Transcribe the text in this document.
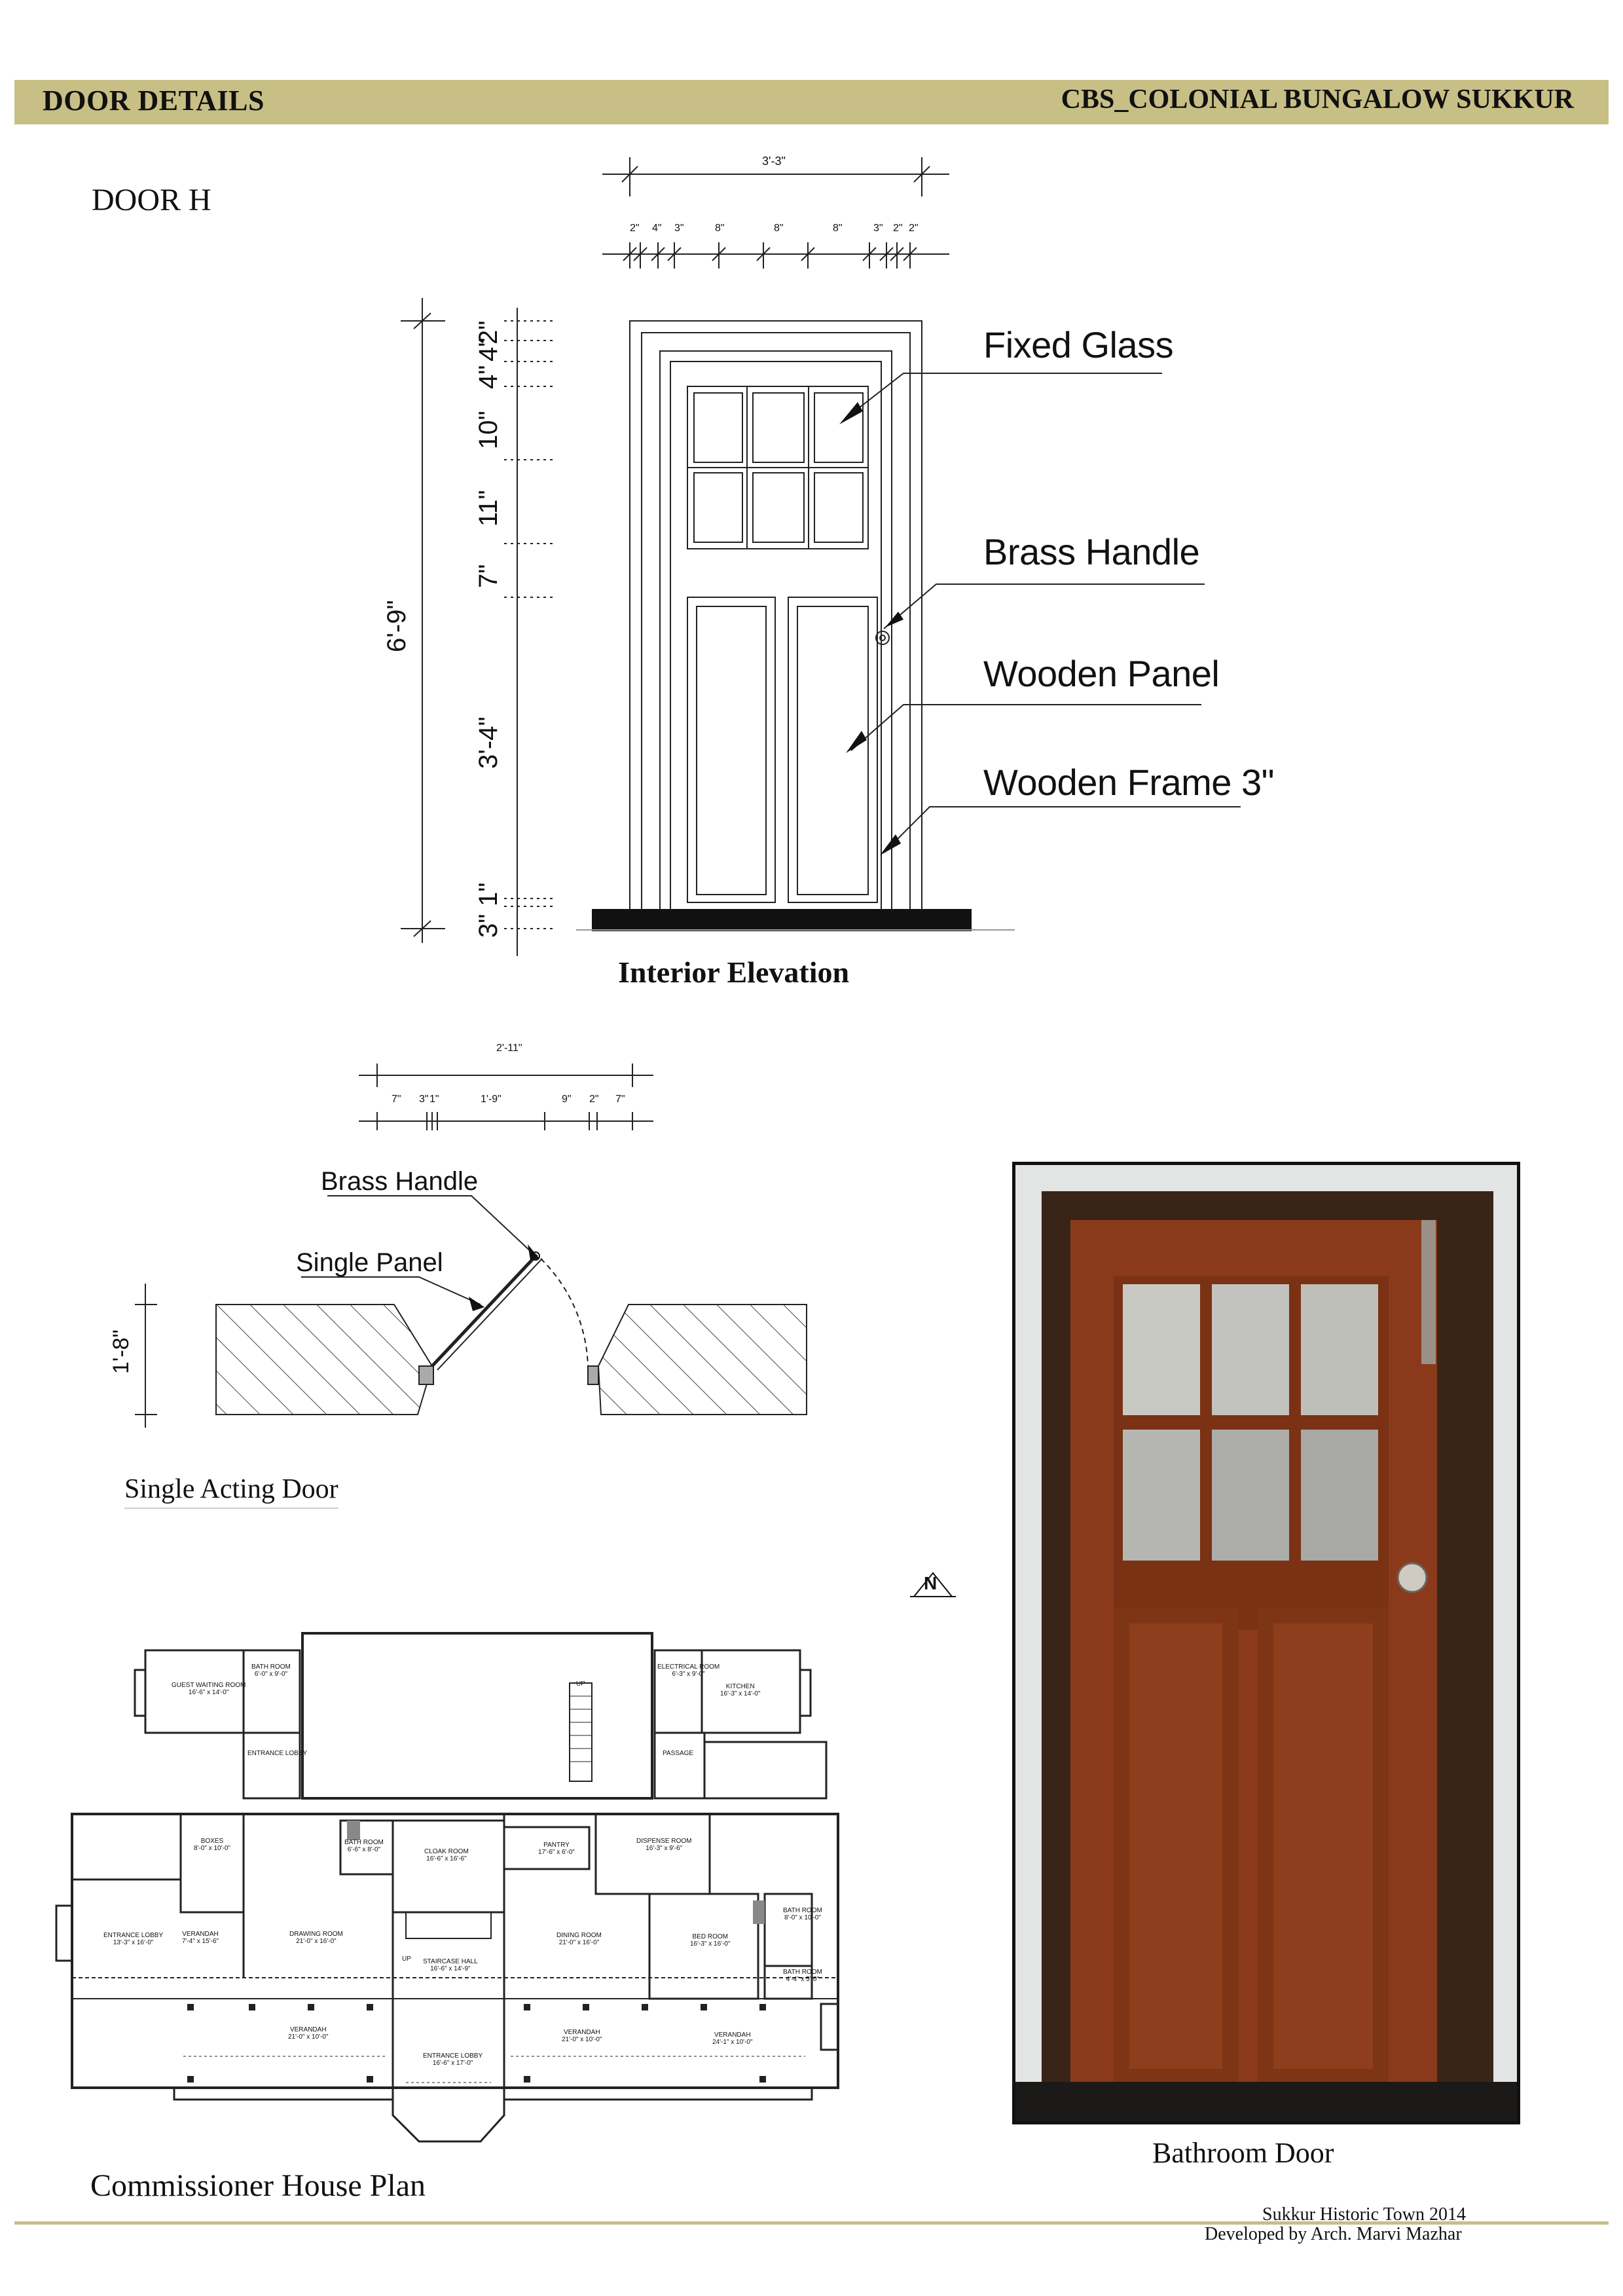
DOOR DETAILS	CBS_COLONIAL BUNGALOW SUKKUR
DOOR H
3'-3"
2" 4" 3"	8"	8"	8"	3" 2" 2"
6'-9"
2"
4"
4"
10"
11"
7"
3'-4"
1"
3"
Fixed Glass
Brass Handle
Wooden Panel
Wooden Frame 3"
Interior Elevation
2'-11"
7" 3" 1"	1'-9"	9" 2" 7"
1'-8"
Brass Handle
Single Panel
Single Acting Door
N
GUEST WAITING ROOM
16'-6" x 14'-0"
BATH ROOM
6'-0" x 9'-0"
ENTRANCE LOBBY
ELECTRICAL ROOM
6'-3" x 9'-0"
KITCHEN
16'-3" x 14'-0"
PASSAGE
BOXES
8'-0" x 10'-0"
BATH ROOM
6'-6" x 8'-0"	CLOAK ROOM
16'-6" x 16'-6"
PANTRY
17'-6" x 6'-0"
DISPENSE ROOM
16'-3" x 9'-6"
ENTRANCE LOBBY
13'-3" x 16'-0"
VERANDAH
7'-4" x 15'-6"
DRAWING ROOM
21'-0" x 16'-0"
STAIRCASE HALL
16'-6" x 14'-9"
DINING ROOM
21'-0" x 16'-0"
BED ROOM
16'-3" x 16'-0"
BATH ROOM
8'-0" x 10'-0"
BATH ROOM
4'-4" x 5'-0"
VERANDAH
21'-0" x 10'-0"
ENTRANCE LOBBY
16'-6" x 17'-0"
VERANDAH
21'-0" x 10'-0"
VERANDAH
24'-1" x 10'-0"
UP
UP
Commissioner House Plan
Bathroom Door
Sukkur Historic Town 2014
Developed by Arch. Marvi Mazhar
